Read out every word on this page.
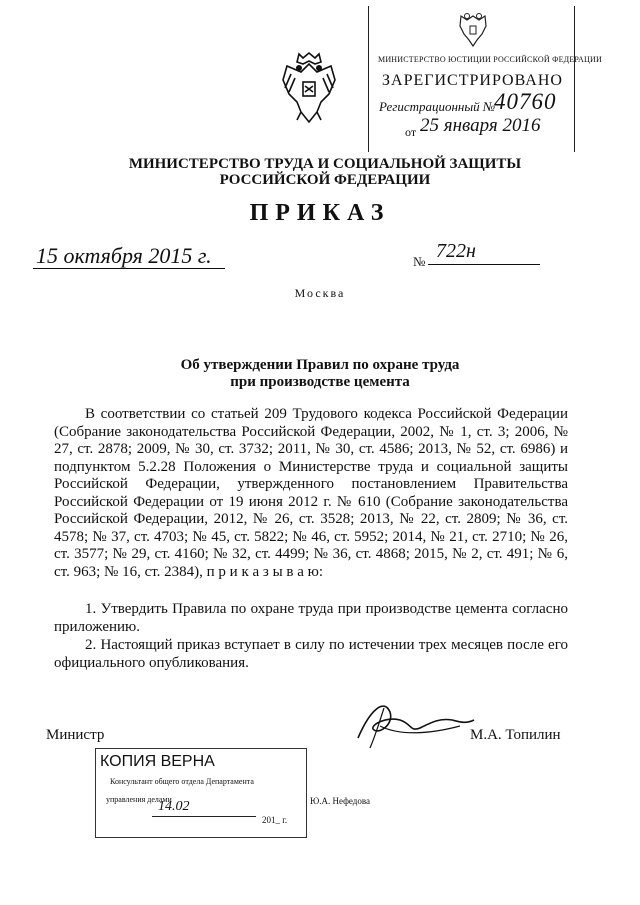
МИНИСТЕРСТВО ЮСТИЦИИ РОССИЙСКОЙ ФЕДЕРАЦИИ
ЗАРЕГИСТРИРОВАНО
Регистрационный №
40760
от 25 января 2016
МИНИСТЕРСТВО ТРУДА И СОЦИАЛЬНОЙ ЗАЩИТЫ
РОССИЙСКОЙ ФЕДЕРАЦИИ
ПРИКАЗ
15 октября 2015 г.	№ 722н
Москва
Об утверждении Правил по охране труда
при производстве цемента
В соответствии со статьей 209 Трудового кодекса Российской Федерации (Собрание законодательства Российской Федерации, 2002, № 1, ст. 3; 2006, № 27, ст. 2878; 2009, № 30, ст. 3732; 2011, № 30, ст. 4586; 2013, № 52, ст. 6986) и подпунктом 5.2.28 Положения о Министерстве труда и социальной защиты Российской Федерации, утвержденного постановлением Правительства Российской Федерации от 19 июня 2012 г. № 610 (Собрание законодательства Российской Федерации, 2012, № 26, ст. 3528; 2013, № 22, ст. 2809; № 36, ст. 4578; № 37, ст. 4703; № 45, ст. 5822; № 46, ст. 5952; 2014, № 21, ст. 2710; № 26, ст. 3577; № 29, ст. 4160; № 32, ст. 4499; № 36, ст. 4868; 2015, № 2, ст. 491; № 6, ст. 963; № 16, ст. 2384), п р и к а з ы в а ю:
1. Утвердить Правила по охране труда при производстве цемента согласно приложению.
2. Настоящий приказ вступает в силу по истечении трех месяцев после его официального опубликования.
Министр	М.А. Топилин
КОПИЯ ВЕРНА
Консультант общего отдела Департамента
управления делами	Ю.А. Нефедова
14.02
201_ г.
